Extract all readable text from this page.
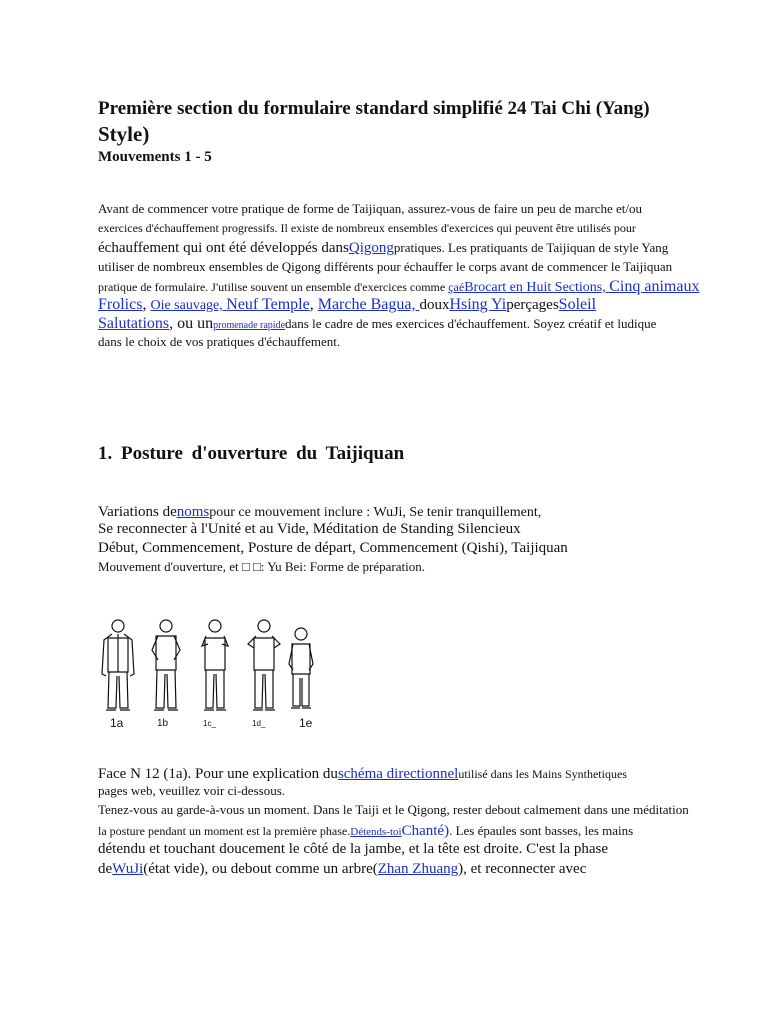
Première section du formulaire standard simplifié 24 Tai Chi (Yang)
Style)
Mouvements 1 - 5
Avant de commencer votre pratique de forme de Taijiquan, assurez-vous de faire un peu de marche et/ou
exercices d'échauffement progressifs. Il existe de nombreux ensembles d'exercices qui peuvent être utilisés pour
échauffement qui ont été développés dansQigongpratiques. Les pratiquants de Taijiquan de style Yang
utiliser de nombreux ensembles de Qigong différents pour échauffer le corps avant de commencer le Taijiquan
pratique de formulaire. J'utilise souvent un ensemble d'exercices comme çaéBrocart en Huit Sections, Cinq animaux
Frolics, Oie sauvage, Neuf Temple, Marche Bagua, douxHsing YiperçagesSoleil
Salutations, ou unpromenade rapidedans le cadre de mes exercices d'échauffement. Soyez créatif et ludique
dans le choix de vos pratiques d'échauffement.
1. Posture d'ouverture du Taijiquan
Variations denomspour ce mouvement inclure : WuJi, Se tenir tranquillement,
Se reconnecter à l'Unité et au Vide, Méditation de Standing Silencieux
Début, Commencement, Posture de départ, Commencement (Qishi), Taijiquan
Mouvement d'ouverture, et □ □: Yu Bei: Forme de préparation.
1a	1b	1c_	1d_	1e
Face N 12 (1a). Pour une explication duschéma directionnelutilisé dans les Mains Synthetiques
pages web, veuillez voir ci-dessous.
Tenez-vous au garde-à-vous un moment. Dans le Taiji et le Qigong, rester debout calmement dans une méditation
la posture pendant un moment est la première phase.Détends-toiChanté). Les épaules sont basses, les mains
détendu et touchant doucement le côté de la jambe, et la tête est droite. C'est la phase
deWuJi(état vide), ou debout comme un arbre(Zhan Zhuang), et reconnecter avec
